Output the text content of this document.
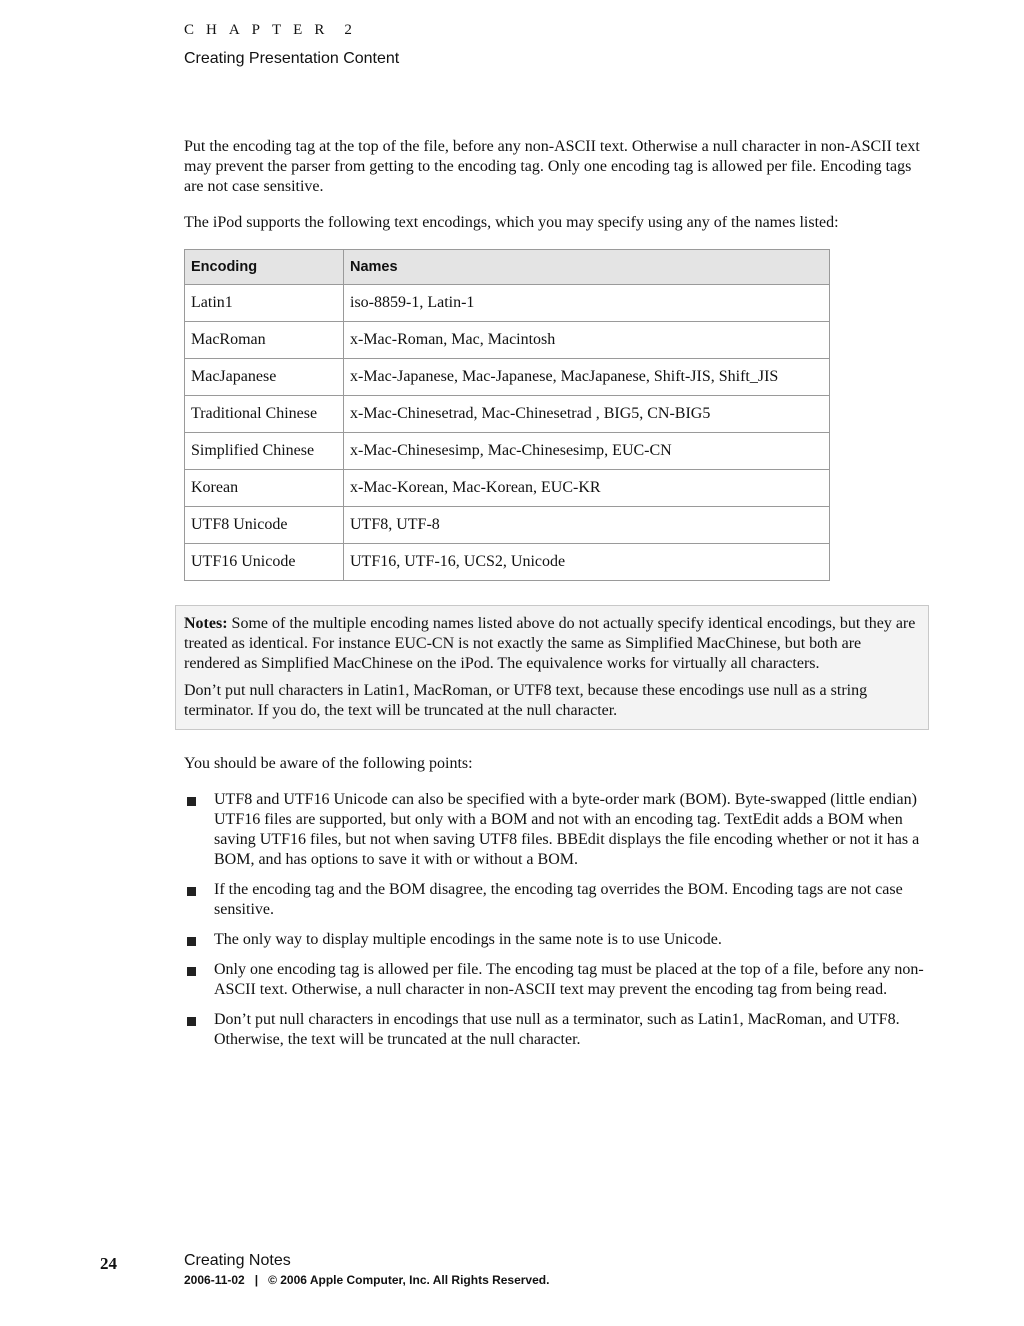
CHAPTER 2
Creating Presentation Content

Put the encoding tag at the top of the file, before any non-ASCII text. Otherwise a null character in non-ASCII text may prevent the parser from getting to the encoding tag. Only one encoding tag is allowed per file. Encoding tags are not case sensitive.

The iPod supports the following text encodings, which you may specify using any of the names listed:

Encoding	Names
Latin1	iso-8859-1, Latin-1
MacRoman	x-Mac-Roman, Mac, Macintosh
MacJapanese	x-Mac-Japanese, Mac-Japanese, MacJapanese, Shift-JIS, Shift_JIS
Traditional Chinese	x-Mac-Chinesetrad, Mac-Chinesetrad , BIG5, CN-BIG5
Simplified Chinese	x-Mac-Chinesesimp, Mac-Chinesesimp, EUC-CN
Korean	x-Mac-Korean, Mac-Korean, EUC-KR
UTF8 Unicode	UTF8, UTF-8
UTF16 Unicode	UTF16, UTF-16, UCS2, Unicode

Notes: Some of the multiple encoding names listed above do not actually specify identical encodings, but they are treated as identical. For instance EUC-CN is not exactly the same as Simplified MacChinese, but both are rendered as Simplified MacChinese on the iPod. The equivalence works for virtually all characters.

Don’t put null characters in Latin1, MacRoman, or UTF8 text, because these encodings use null as a string terminator. If you do, the text will be truncated at the null character.

You should be aware of the following points:

UTF8 and UTF16 Unicode can also be specified with a byte-order mark (BOM). Byte-swapped (little endian) UTF16 files are supported, but only with a BOM and not with an encoding tag. TextEdit adds a BOM when saving UTF16 files, but not when saving UTF8 files. BBEdit displays the file encoding whether or not it has a BOM, and has options to save it with or without a BOM.
If the encoding tag and the BOM disagree, the encoding tag overrides the BOM. Encoding tags are not case sensitive.
The only way to display multiple encodings in the same note is to use Unicode.
Only one encoding tag is allowed per file. The encoding tag must be placed at the top of a file, before any non-ASCII text. Otherwise, a null character in non-ASCII text may prevent the encoding tag from being read.
Don’t put null characters in encodings that use null as a terminator, such as Latin1, MacRoman, and UTF8. Otherwise, the text will be truncated at the null character.
24	Creating Notes
2006-11-02   |   © 2006 Apple Computer, Inc. All Rights Reserved.
